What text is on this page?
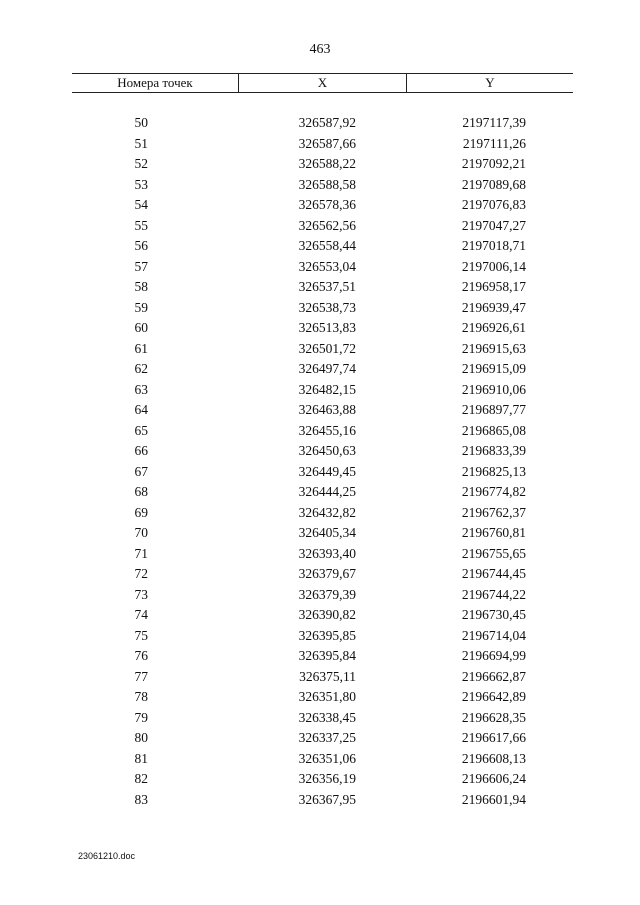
463
Номера точек	X	Y
50	326587,92	2197117,39
51	326587,66	2197111,26
52	326588,22	2197092,21
53	326588,58	2197089,68
54	326578,36	2197076,83
55	326562,56	2197047,27
56	326558,44	2197018,71
57	326553,04	2197006,14
58	326537,51	2196958,17
59	326538,73	2196939,47
60	326513,83	2196926,61
61	326501,72	2196915,63
62	326497,74	2196915,09
63	326482,15	2196910,06
64	326463,88	2196897,77
65	326455,16	2196865,08
66	326450,63	2196833,39
67	326449,45	2196825,13
68	326444,25	2196774,82
69	326432,82	2196762,37
70	326405,34	2196760,81
71	326393,40	2196755,65
72	326379,67	2196744,45
73	326379,39	2196744,22
74	326390,82	2196730,45
75	326395,85	2196714,04
76	326395,84	2196694,99
77	326375,11	2196662,87
78	326351,80	2196642,89
79	326338,45	2196628,35
80	326337,25	2196617,66
81	326351,06	2196608,13
82	326356,19	2196606,24
83	326367,95	2196601,94
23061210.doc
